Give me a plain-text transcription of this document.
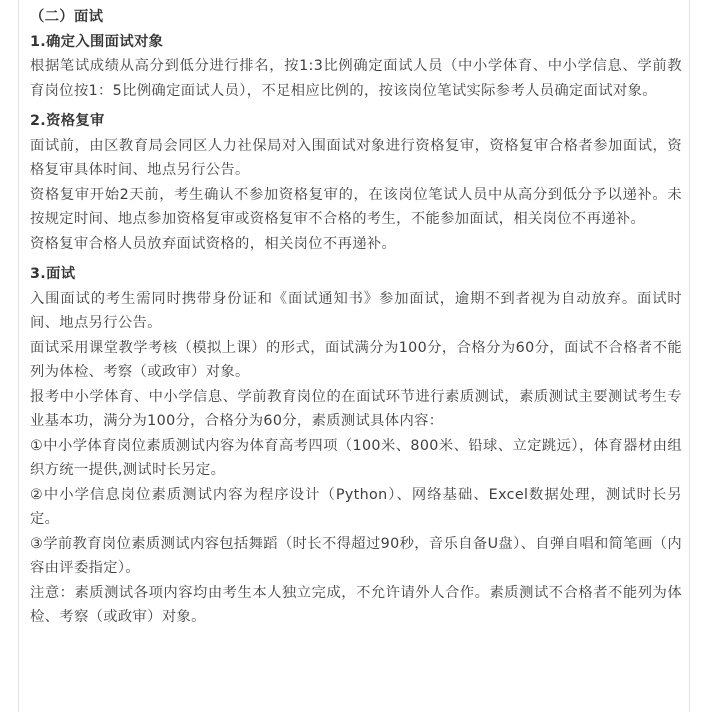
（二）面试

1.确定入围面试对象

根据笔试成绩从高分到低分进行排名，按1:3比例确定面试人员（中小学体育、中小学信息、学前教育岗位按1：5比例确定面试人员），不足相应比例的，按该岗位笔试实际参考人员确定面试对象。

2.资格复审

面试前，由区教育局会同区人力社保局对入围面试对象进行资格复审，资格复审合格者参加面试，资格复审具体时间、地点另行公告。

资格复审开始2天前，考生确认不参加资格复审的，在该岗位笔试人员中从高分到低分予以递补。未按规定时间、地点参加资格复审或资格复审不合格的考生，不能参加面试，相关岗位不再递补。

资格复审合格人员放弃面试资格的，相关岗位不再递补。

3.面试

入围面试的考生需同时携带身份证和《面试通知书》参加面试，逾期不到者视为自动放弃。面试时间、地点另行公告。

面试采用课堂教学考核（模拟上课）的形式，面试满分为100分，合格分为60分，面试不合格者不能列为体检、考察（或政审）对象。

报考中小学体育、中小学信息、学前教育岗位的在面试环节进行素质测试，素质测试主要测试考生专业基本功，满分为100分，合格分为60分，素质测试具体内容：

①中小学体育岗位素质测试内容为体育高考四项（100米、800米、铅球、立定跳远），体育器材由组织方统一提供,测试时长另定。

②中小学信息岗位素质测试内容为程序设计（Python）、网络基础、Excel数据处理，测试时长另定。

③学前教育岗位素质测试内容包括舞蹈（时长不得超过90秒，音乐自备U盘）、自弹自唱和简笔画（内容由评委指定）。

注意：素质测试各项内容均由考生本人独立完成，不允许请外人合作。素质测试不合格者不能列为体检、考察（或政审）对象。
